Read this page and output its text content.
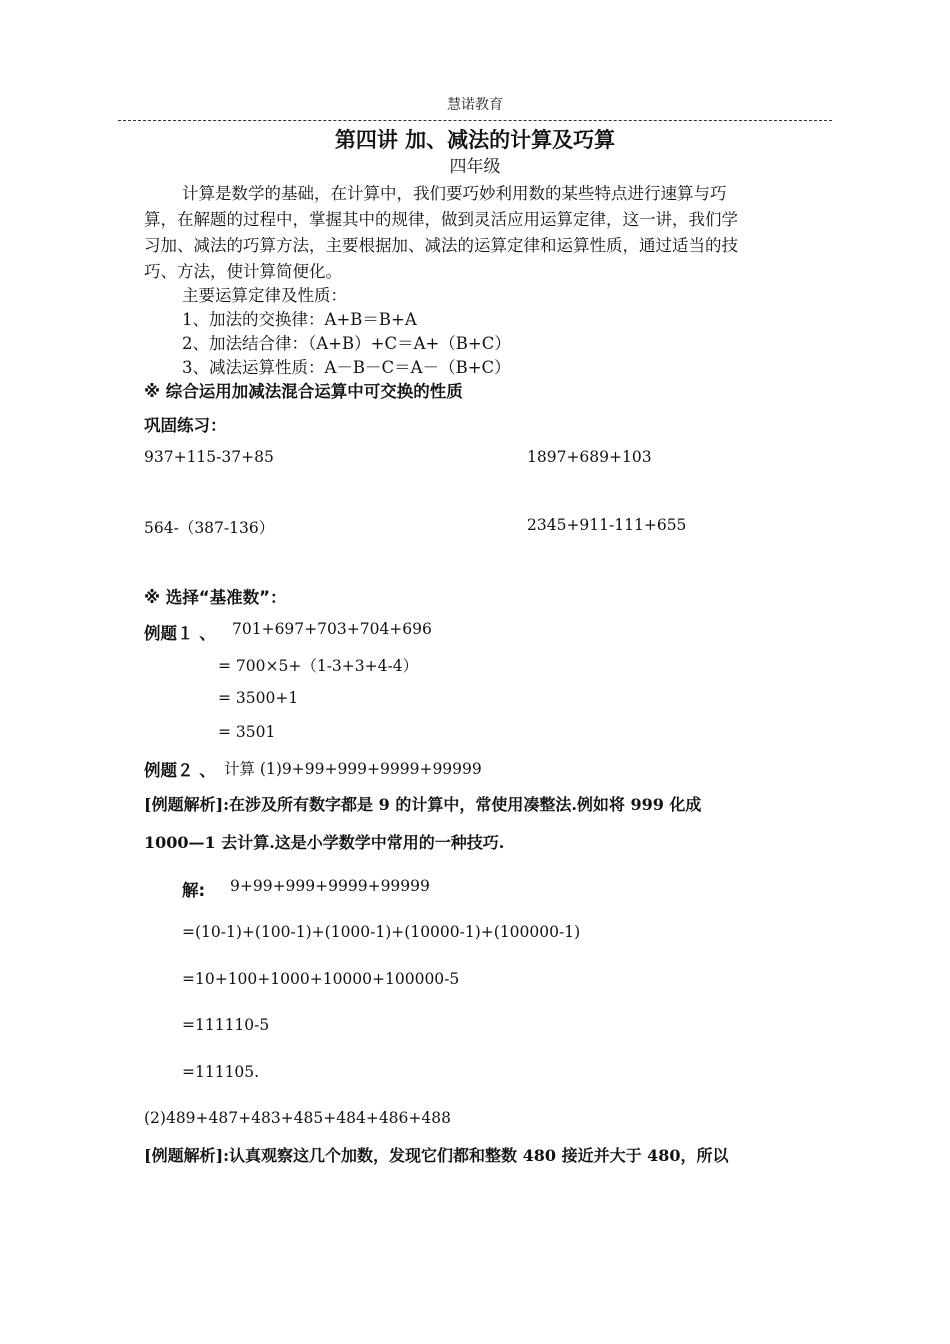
慧诺教育
第四讲 加、减法的计算及巧算
四年级
计算是数学的基础，在计算中，我们要巧妙利用数的某些特点进行速算与巧
算，在解题的过程中，掌握其中的规律，做到灵活应用运算定律，这一讲，我们学
习加、减法的巧算方法，主要根据加、减法的运算定律和运算性质，通过适当的技
巧、方法，使计算简便化。
主要运算定律及性质：
1、加法的交换律：A+B＝B+A
2、加法结合律：（A+B）+C＝A+（B+C）
3、减法运算性质：A－B－C＝A－（B+C）
※ 综合运用加减法混合运算中可交换的性质
巩固练习：
937+115-37+85	1897+689+103
564-（387-136）	2345+911-111+655
※ 选择“基准数”：
例题１ 、 701+697+703+704+696
= 700×5+（1-3+3+4-4）
= 3500+1
= 3501
例题２ 、 计算 (1)9+99+999+9999+99999
[例题解析]:在涉及所有数字都是 9 的计算中，常使用凑整法.例如将 999 化成
1000—1 去计算.这是小学数学中常用的一种技巧.
解: 9+99+999+9999+99999
=(10-1)+(100-1)+(1000-1)+(10000-1)+(100000-1)
=10+100+1000+10000+100000-5
=111110-5
=111105.
(2)489+487+483+485+484+486+488
[例题解析]:认真观察这几个加数，发现它们都和整数 480 接近并大于 480，所以
